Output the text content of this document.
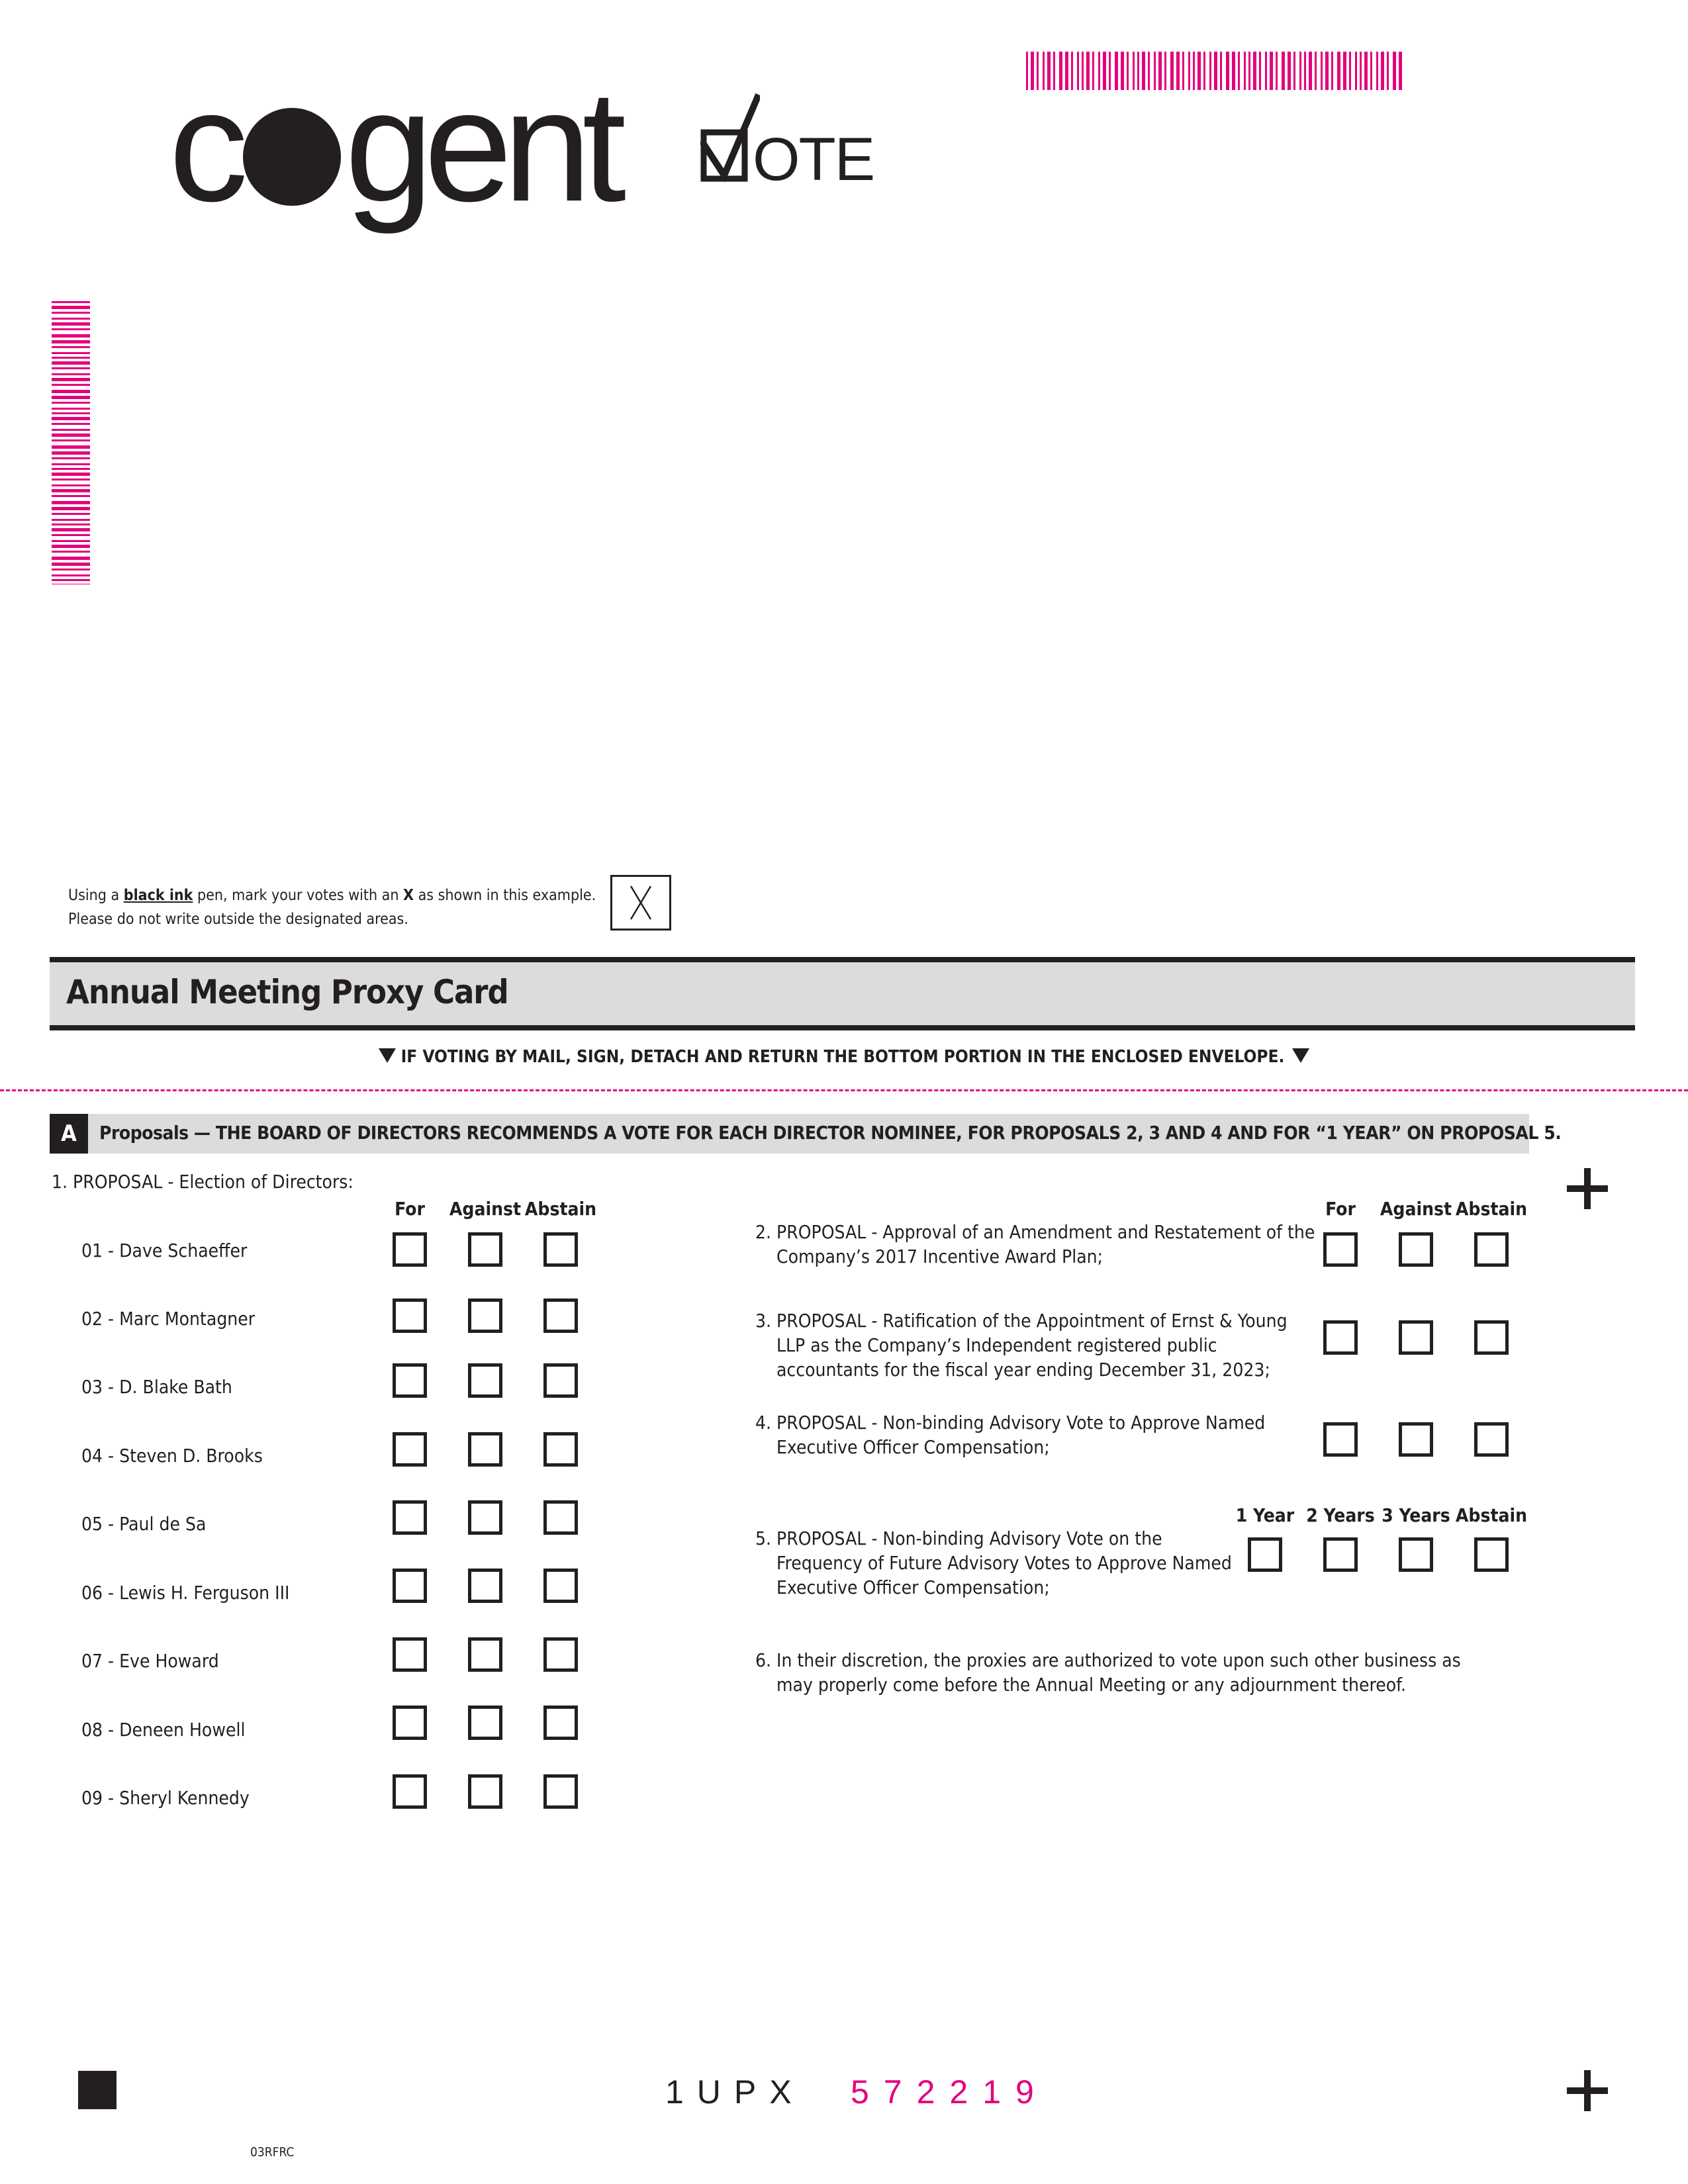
c gent OTE
Using a black ink pen, mark your votes with an X as shown in this example.
Please do not write outside the designated areas.
Annual Meeting Proxy Card
IF VOTING BY MAIL, SIGN, DETACH AND RETURN THE BOTTOM PORTION IN THE ENCLOSED ENVELOPE.
A	Proposals — THE BOARD OF DIRECTORS RECOMMENDS A VOTE FOR EACH DIRECTOR NOMINEE, FOR PROPOSALS 2, 3 AND 4 AND FOR “1 YEAR” ON PROPOSAL 5.
1. PROPOSAL - Election of Directors:
For	Against Abstain
01 - Dave Schaeffer
02 - Marc Montagner
03 - D. Blake Bath
04 - Steven D. Brooks
05 - Paul de Sa
06 - Lewis H. Ferguson III
07 - Eve Howard
08 - Deneen Howell
09 - Sheryl Kennedy
For	Against Abstain
2. PROPOSAL - Approval of an Amendment and Restatement of the
Company’s 2017 Incentive Award Plan;
3. PROPOSAL - Ratification of the Appointment of Ernst & Young
LLP as the Company’s Independent registered public
accountants for the fiscal year ending December 31, 2023;
4. PROPOSAL - Non-binding Advisory Vote to Approve Named
Executive Officer Compensation;
1 Year 2 Years 3 Years Abstain
5. PROPOSAL - Non-binding Advisory Vote on the
Frequency of Future Advisory Votes to Approve Named
Executive Officer Compensation;
6. In their discretion, the proxies are authorized to vote upon such other business as
may properly come before the Annual Meeting or any adjournment thereof.
1UPX 572219
03RFRC
